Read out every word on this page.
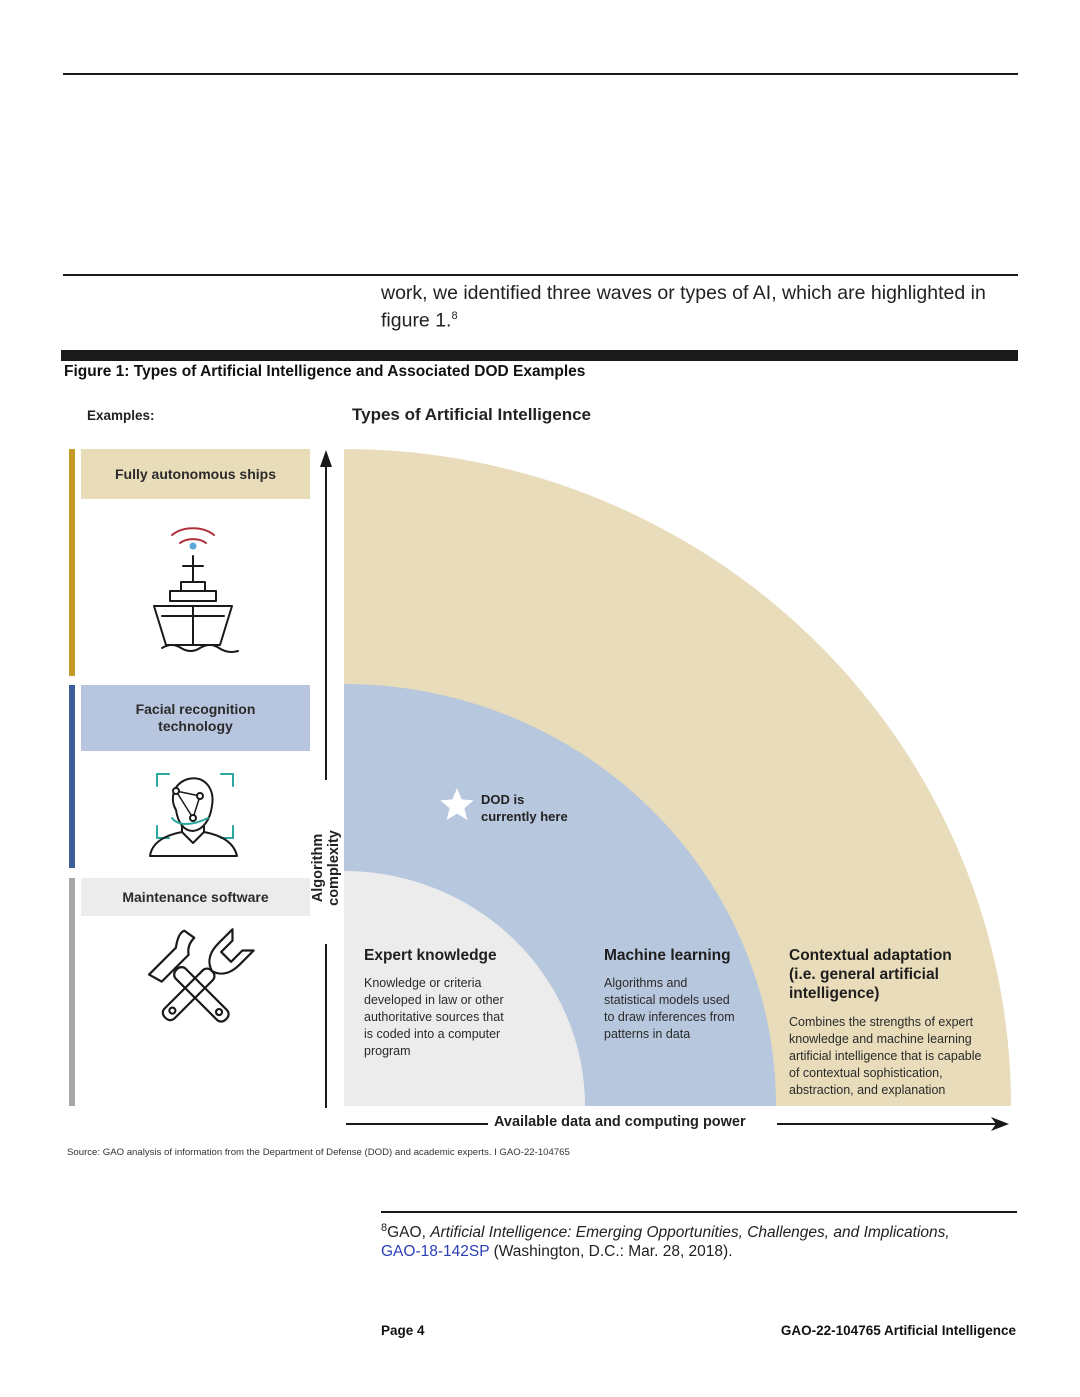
work, we identified three waves or types of AI, which are highlighted in
figure 1.$^8$
Figure 1: Types of Artificial Intelligence and Associated DOD Examples
Examples:	Types of Artificial Intelligence
Fully autonomous ships
Facial recognition
technology
Maintenance software	Algorithm complexity
Available data and computing power
DOD is
currently here
Expert knowledge
Knowledge or criteria
developed in law or other
authoritative sources that
is coded into a computer
program
Machine learning
Algorithms and
statistical models used
to draw inferences from
patterns in data
Contextual adaptation
(i.e. general artificial
intelligence)
Combines the strengths of expert
knowledge and machine learning
artificial intelligence that is capable
of contextual sophistication,
abstraction, and explanation
Source: GAO analysis of information from the Department of Defense (DOD) and academic experts. I GAO-22-104765
$^8$GAO, Artificial Intelligence: Emerging Opportunities, Challenges, and Implications,
GAO-18-142SP (Washington, D.C.: Mar. 28, 2018).
Page 4	GAO-22-104765 Artificial Intelligence
